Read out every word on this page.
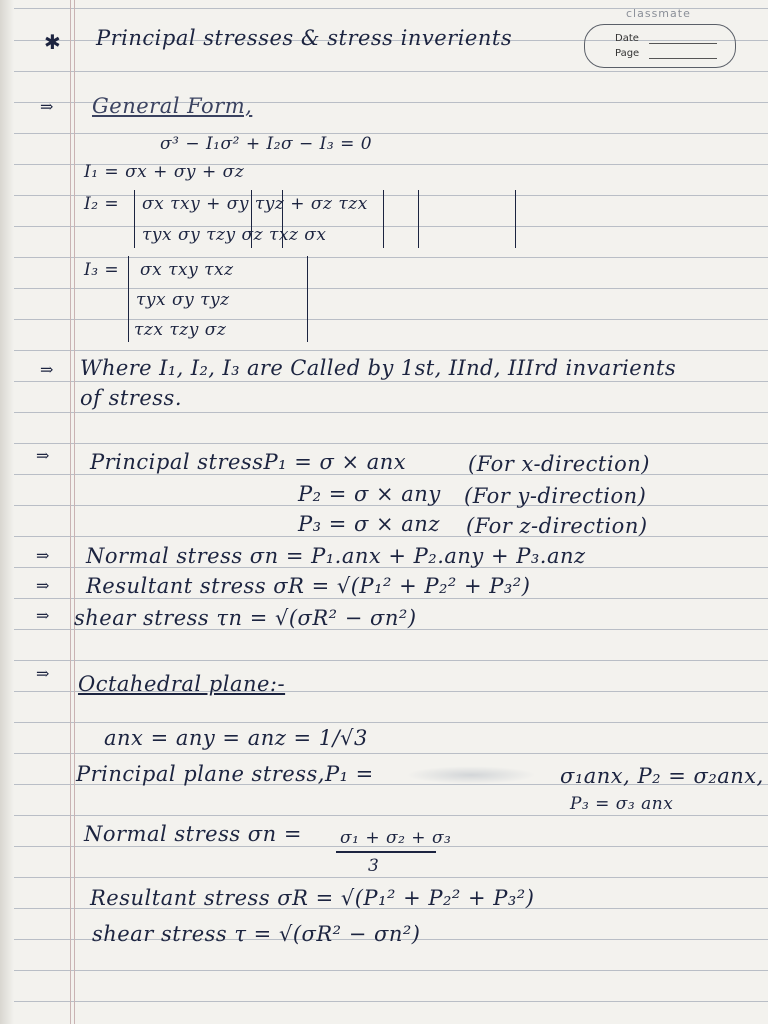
classmate
Date
Page
✱ Principal stresses & stress inverients
⇒ General Form,
σ³ − I₁σ² + I₂σ − I₃ = 0
I₁ = σx + σy + σz
I₂ = σx τxy + σy τyz + σz τzx
τyx σy τzy σz τxz σx
I₃ = σx τxy τxz
τyx σy τyz
τzx τzy σz
⇒ Where I₁, I₂, I₃ are Called by 1st, IInd, IIIrd invarients
of stress.
⇒ Principal stressP₁ = σ × anx	(For x-direction)
P₂ = σ × any (For y-direction)
P₃ = σ × anz (For z-direction)
⇒ Normal stress σn = P₁.anx + P₂.any + P₃.anz
⇒ Resultant stress σR = √(P₁² + P₂² + P₃²)
⇒ shear stress τn = √(σR² − σn²)
⇒ Octahedral plane:-
anx = any = anz = 1/√3
Principal plane stress,P₁ =	σ₁anx, P₂ = σ₂anx,
P₃ = σ₃ anx
Normal stress σn = σ₁ + σ₂ + σ₃
3
Resultant stress σR = √(P₁² + P₂² + P₃²)
shear stress τ = √(σR² − σn²)
